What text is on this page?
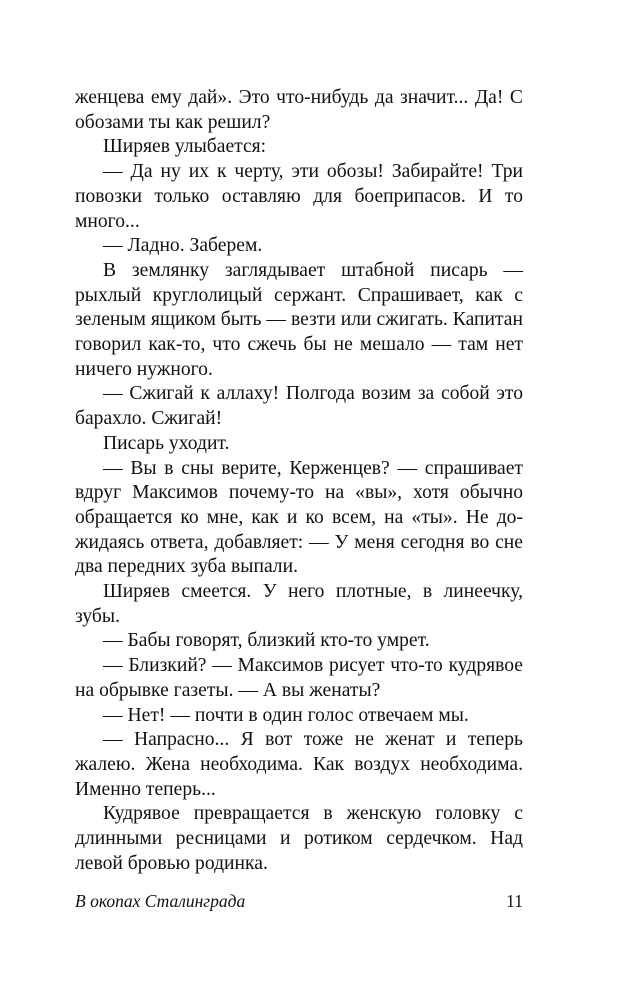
женцева ему дай». Это что-нибудь да значит... Да! С обозами ты как решил?

Ширяев улыбается:

— Да ну их к черту, эти обозы! Забирайте! Три повозки только оставляю для боеприпасов. И то много...

— Ладно. Заберем.

В землянку заглядывает штабной писарь — рыхлый круглолицый сержант. Спрашивает, как с зеленым ящиком быть — везти или сжигать. Капитан говорил как-то, что сжечь бы не мешало — там нет ничего нужного.

— Сжигай к аллаху! Полгода возим за собой это барахло. Сжигай!

Писарь уходит.

— Вы в сны верите, Керженцев? — спрашивает вдруг Максимов почему-то на «вы», хотя обычно обращается ко мне, как и ко всем, на «ты». Не дожидаясь ответа, добавляет: — У меня сегодня во сне два передних зуба выпали.

Ширяев смеется. У него плотные, в линеечку, зубы.

— Бабы говорят, близкий кто-то умрет.

— Близкий? — Максимов рисует что-то кудрявое на обрывке газеты. — А вы женаты?

— Нет! — почти в один голос отвечаем мы.

— Напрасно... Я вот тоже не женат и теперь жалею. Жена необходима. Как воздух необходима. Именно теперь...

Кудрявое превращается в женскую головку с длинными ресницами и ротиком сердечком. Над левой бровью родинка.

В окопах Сталинграда	11
